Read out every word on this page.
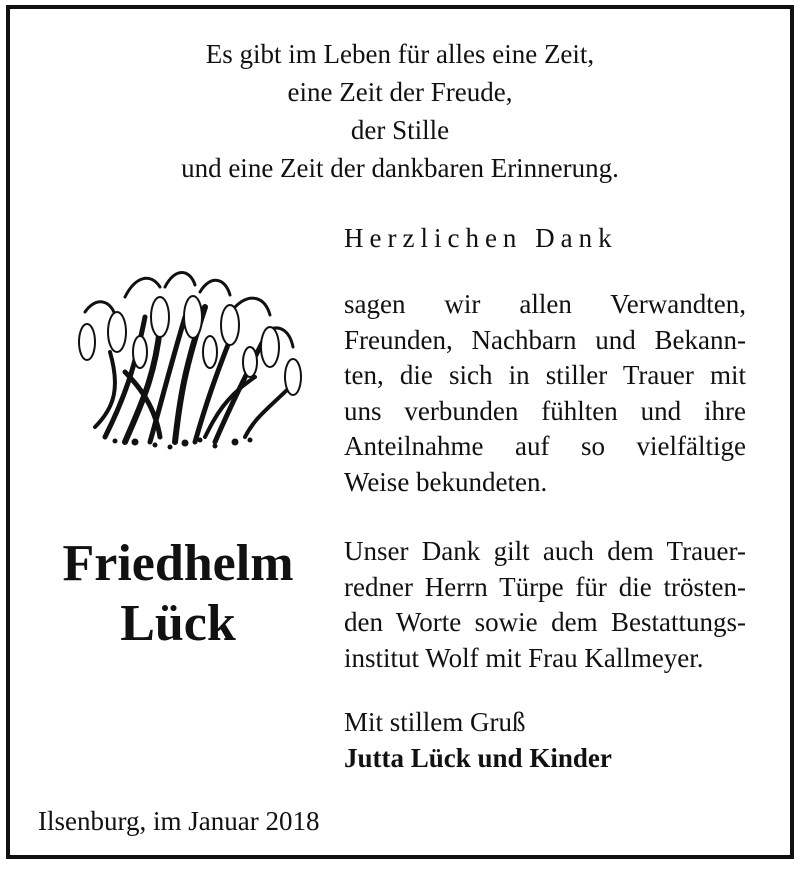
Es gibt im Leben für alles eine Zeit,
eine Zeit der Freude,
der Stille
und eine Zeit der dankbaren Erinnerung.
Herzlichen Dank
sagen wir allen Verwandten,
Freunden, Nachbarn und Bekann-
ten, die sich in stiller Trauer mit
uns verbunden fühlten und ihre
Anteilnahme auf so vielfältige
Weise bekundeten.
Friedhelm
Lück
Unser Dank gilt auch dem Trauer-
redner Herrn Türpe für die trösten-
den Worte sowie dem Bestattungs-
institut Wolf mit Frau Kallmeyer.
Mit stillem Gruß
Jutta Lück und Kinder
Ilsenburg, im Januar 2018
